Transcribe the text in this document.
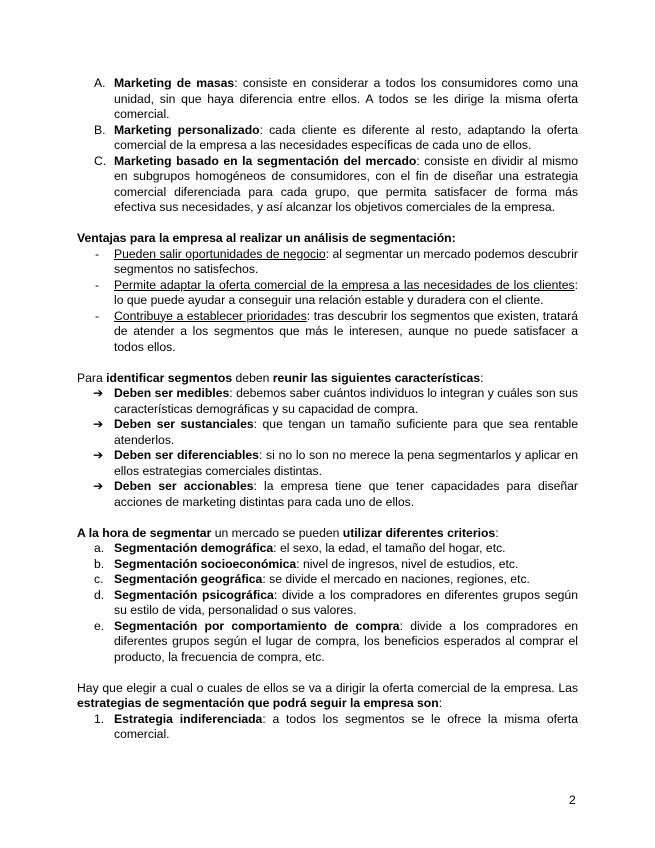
A. Marketing de masas: consiste en considerar a todos los consumidores como una unidad, sin que haya diferencia entre ellos. A todos se les dirige la misma oferta comercial.
B. Marketing personalizado: cada cliente es diferente al resto, adaptando la oferta comercial de la empresa a las necesidades específicas de cada uno de ellos.
C. Marketing basado en la segmentación del mercado: consiste en dividir al mismo en subgrupos homogéneos de consumidores, con el fin de diseñar una estrategia comercial diferenciada para cada grupo, que permita satisfacer de forma más efectiva sus necesidades, y así alcanzar los objetivos comerciales de la empresa.

Ventajas para la empresa al realizar un análisis de segmentación:

- Pueden salir oportunidades de negocio: al segmentar un mercado podemos descubrir segmentos no satisfechos.
- Permite adaptar la oferta comercial de la empresa a las necesidades de los clientes: lo que puede ayudar a conseguir una relación estable y duradera con el cliente.
- Contribuye a establecer prioridades: tras descubrir los segmentos que existen, tratará de atender a los segmentos que más le interesen, aunque no puede satisfacer a todos ellos.

Para identificar segmentos deben reunir las siguientes características:

➔ Deben ser medibles: debemos saber cuántos individuos lo integran y cuáles son sus características demográficas y su capacidad de compra.
➔ Deben ser sustanciales: que tengan un tamaño suficiente para que sea rentable atenderlos.
➔ Deben ser diferenciables: si no lo son no merece la pena segmentarlos y aplicar en ellos estrategias comerciales distintas.
➔ Deben ser accionables: la empresa tiene que tener capacidades para diseñar acciones de marketing distintas para cada uno de ellos.

A la hora de segmentar un mercado se pueden utilizar diferentes criterios:

a. Segmentación demográfica: el sexo, la edad, el tamaño del hogar, etc.
b. Segmentación socioeconómica: nivel de ingresos, nivel de estudios, etc.
c. Segmentación geográfica: se divide el mercado en naciones, regiones, etc.
d. Segmentación psicográfica: divide a los compradores en diferentes grupos según su estilo de vida, personalidad o sus valores.
e. Segmentación por comportamiento de compra: divide a los compradores en diferentes grupos según el lugar de compra, los beneficios esperados al comprar el producto, la frecuencia de compra, etc.

Hay que elegir a cual o cuales de ellos se va a dirigir la oferta comercial de la empresa. Las estrategias de segmentación que podrá seguir la empresa son:

1. Estrategia indiferenciada: a todos los segmentos se le ofrece la misma oferta comercial.
2
